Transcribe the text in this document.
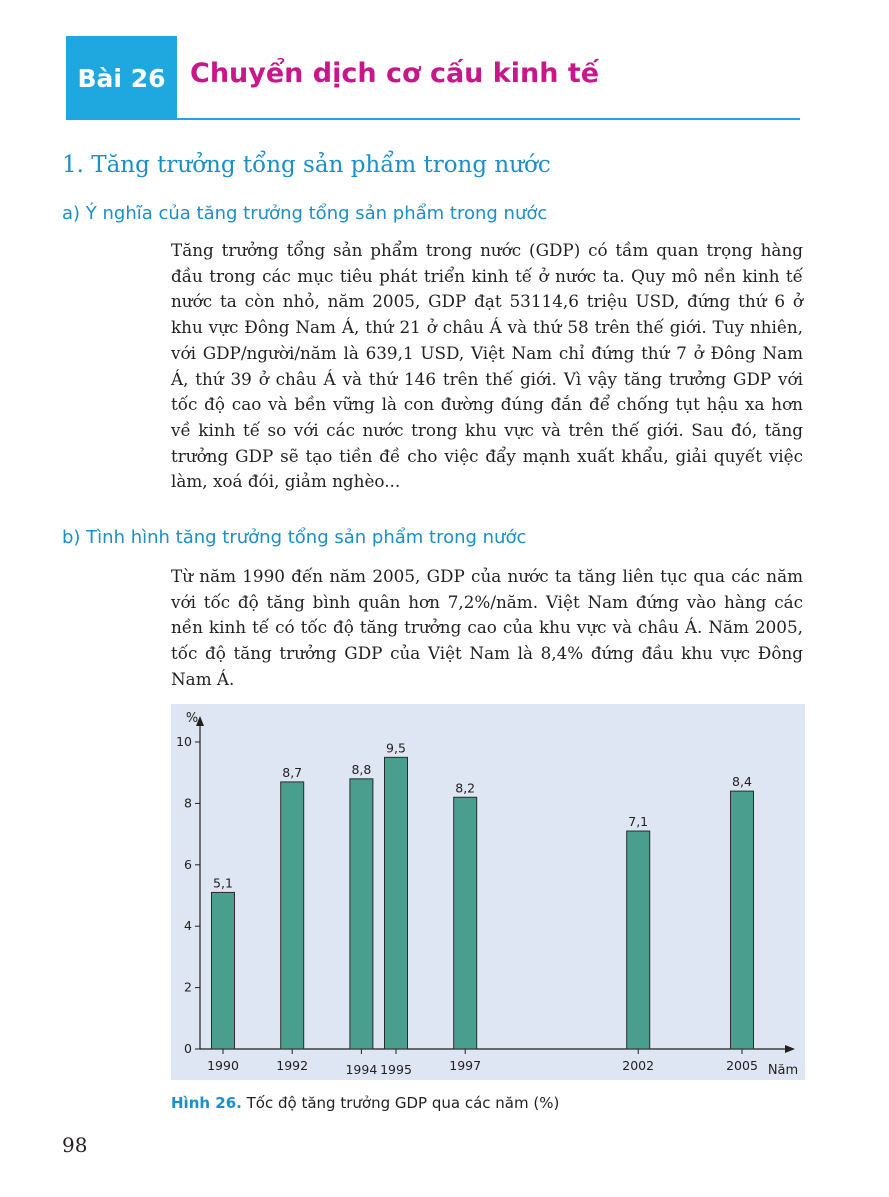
Bài 26 Chuyển dịch cơ cấu kinh tế
1. Tăng trưởng tổng sản phẩm trong nước
a) Ý nghĩa của tăng trưởng tổng sản phẩm trong nước
Tăng trưởng tổng sản phẩm trong nước (GDP) có tầm quan trọng hàng đầu trong các mục tiêu phát triển kinh tế ở nước ta. Quy mô nền kinh tế nước ta còn nhỏ, năm 2005, GDP đạt 53114,6 triệu USD, đứng thứ 6 ở khu vực Đông Nam Á, thứ 21 ở châu Á và thứ 58 trên thế giới. Tuy nhiên, với GDP/người/năm là 639,1 USD, Việt Nam chỉ đứng thứ 7 ở Đông Nam Á, thứ 39 ở châu Á và thứ 146 trên thế giới. Vì vậy tăng trưởng GDP với tốc độ cao và bền vững là con đường đúng đắn để chống tụt hậu xa hơn về kinh tế so với các nước trong khu vực và trên thế giới. Sau đó, tăng trưởng GDP sẽ tạo tiền đề cho việc đẩy mạnh xuất khẩu, giải quyết việc làm, xoá đói, giảm nghèo...
b) Tình hình tăng trưởng tổng sản phẩm trong nước
Từ năm 1990 đến năm 2005, GDP của nước ta tăng liên tục qua các năm với tốc độ tăng bình quân hơn 7,2%/năm. Việt Nam đứng vào hàng các nền kinh tế có tốc độ tăng trưởng cao của khu vực và châu Á. Năm 2005, tốc độ tăng trưởng GDP của Việt Nam là 8,4% đứng đầu khu vực Đông Nam Á.
%
0
2
4
6
8
10
5,1
1990
8,7
1992
8,8
1994
9,5
1995
8,2
1997
7,1
2002
8,4
2005 Năm
Hình 26. Tốc độ tăng trưởng GDP qua các năm (%)
98
